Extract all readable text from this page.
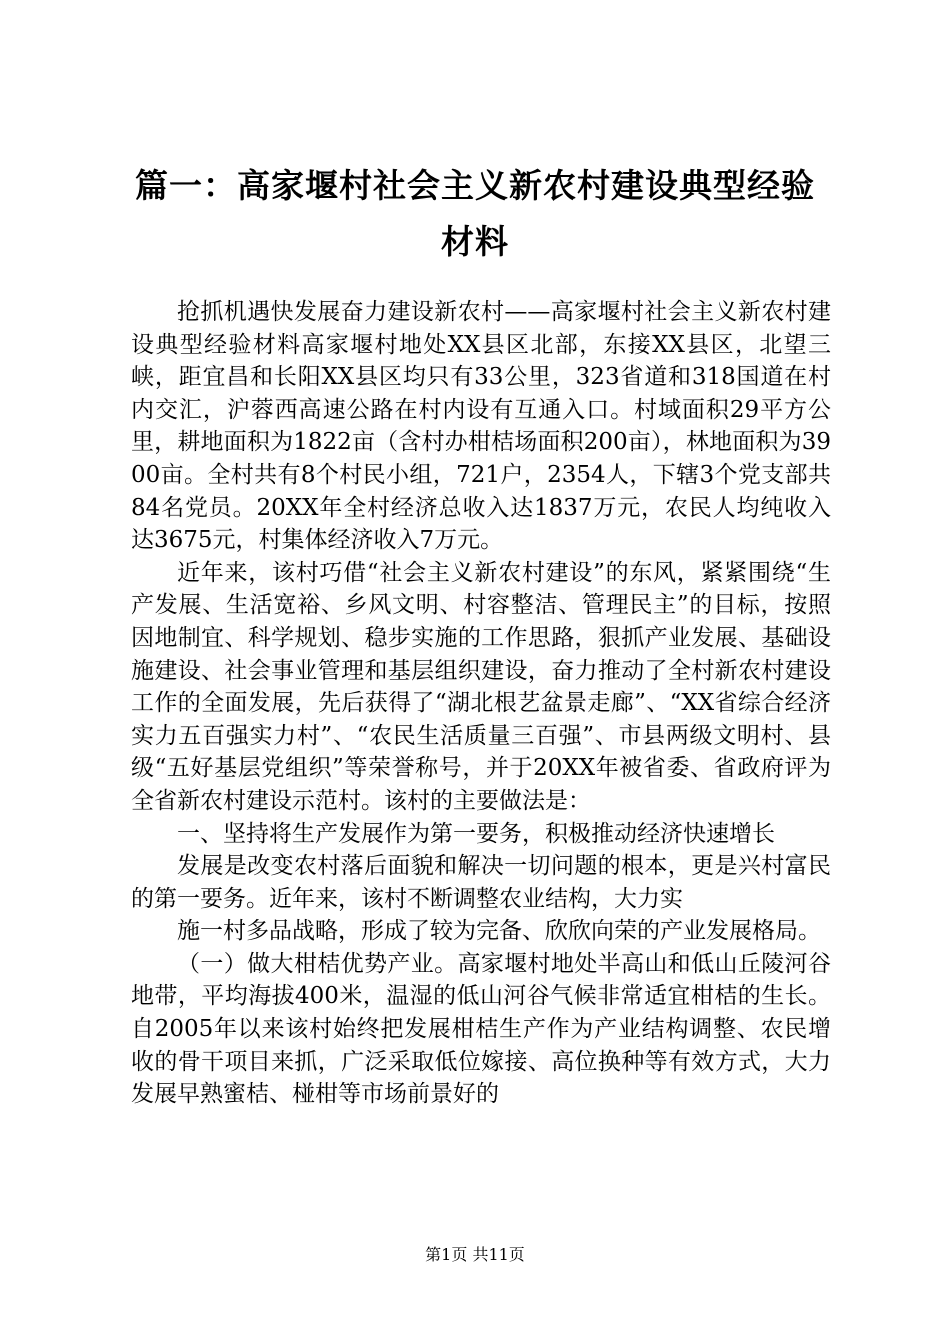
篇一：高家堰村社会主义新农村建设典型经验材料

抢抓机遇快发展奋力建设新农村——高家堰村社会主义新农村建设典型经验材料高家堰村地处XX县区北部，东接XX县区，北望三峡，距宜昌和长阳XX县区均只有33公里，323省道和318国道在村内交汇，沪蓉西高速公路在村内设有互通入口。村域面积29平方公里，耕地面积为1822亩（含村办柑桔场面积200亩），林地面积为3900亩。全村共有8个村民小组，721户，2354人，下辖3个党支部共84名党员。20XX年全村经济总收入达1837万元，农民人均纯收入达3675元，村集体经济收入7万元。

近年来，该村巧借“社会主义新农村建设”的东风，紧紧围绕“生产发展、生活宽裕、乡风文明、村容整洁、管理民主”的目标，按照因地制宜、科学规划、稳步实施的工作思路，狠抓产业发展、基础设施建设、社会事业管理和基层组织建设，奋力推动了全村新农村建设工作的全面发展，先后获得了“湖北根艺盆景走廊”、“XX省综合经济实力五百强实力村”、“农民生活质量三百强”、市县两级文明村、县级“五好基层党组织”等荣誉称号，并于20XX年被省委、省政府评为全省新农村建设示范村。该村的主要做法是：

一、坚持将生产发展作为第一要务，积极推动经济快速增长

发展是改变农村落后面貌和解决一切问题的根本，更是兴村富民的第一要务。近年来，该村不断调整农业结构，大力实

施一村多品战略，形成了较为完备、欣欣向荣的产业发展格局。

（一）做大柑桔优势产业。高家堰村地处半高山和低山丘陵河谷地带，平均海拔400米，温湿的低山河谷气候非常适宜柑桔的生长。自2005年以来该村始终把发展柑桔生产作为产业结构调整、农民增收的骨干项目来抓，广泛采取低位嫁接、高位换种等有效方式，大力发展早熟蜜桔、椪柑等市场前景好的

第1页 共11页
